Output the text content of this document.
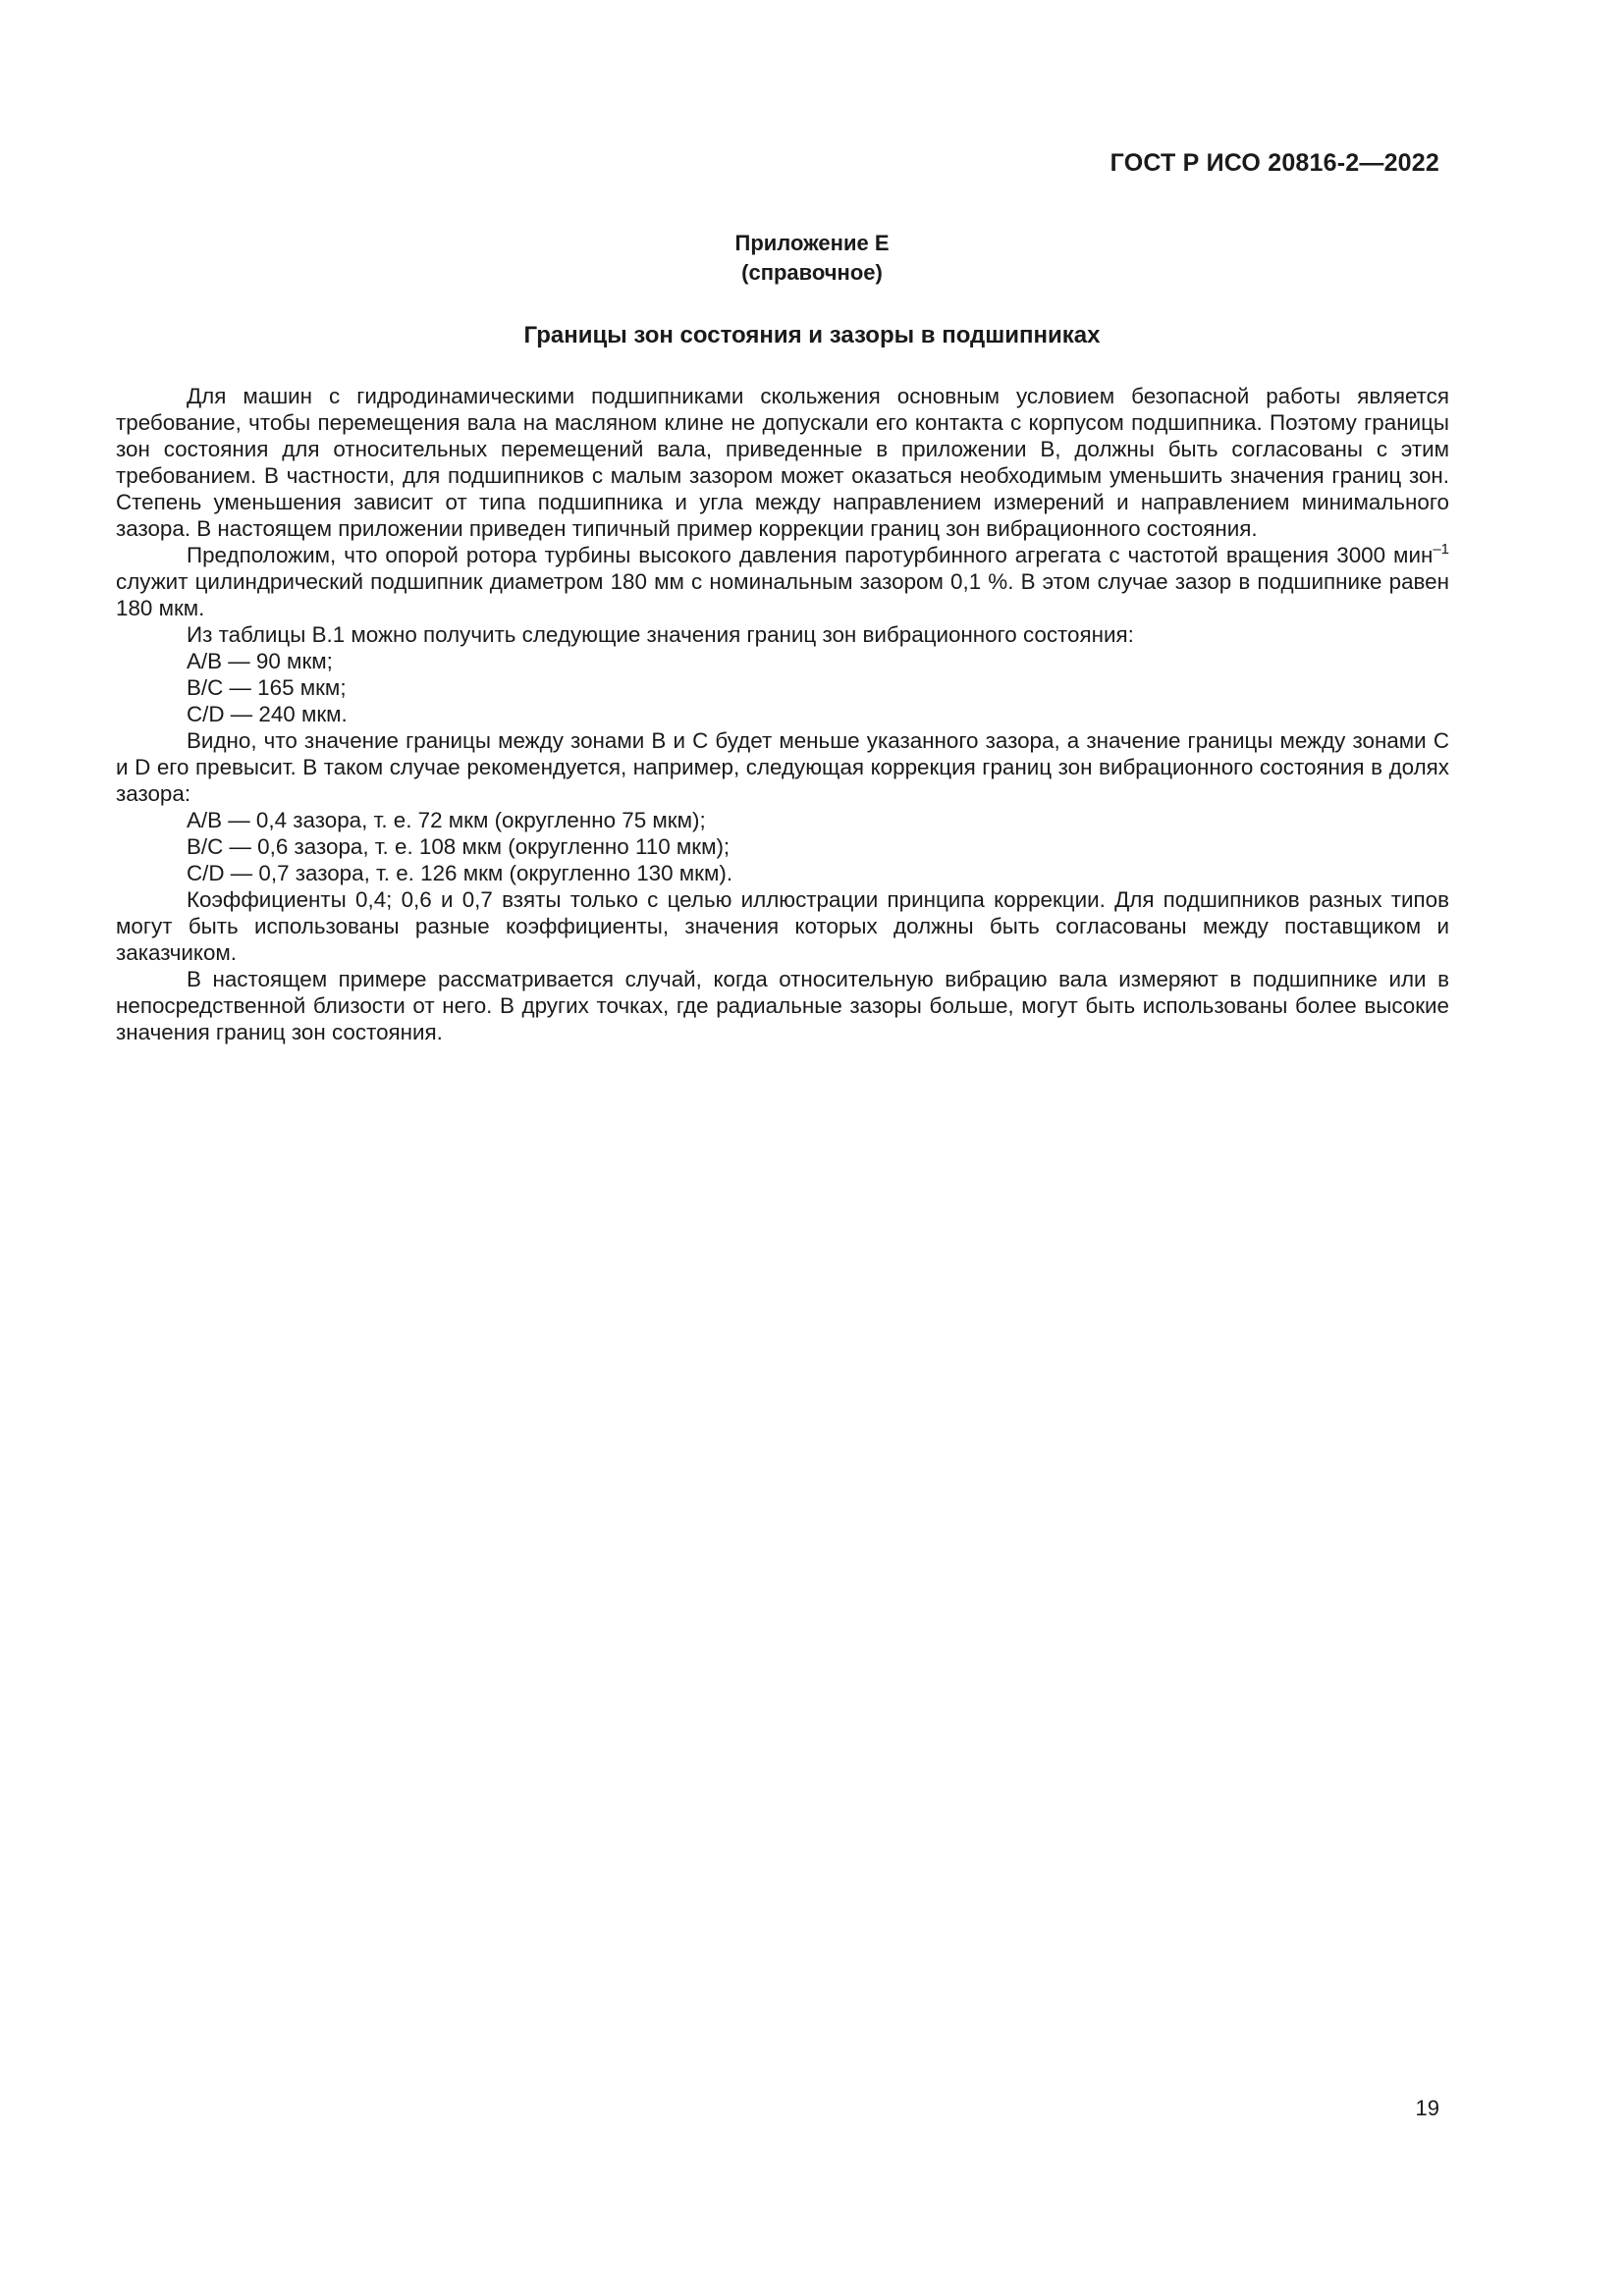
ГОСТ Р ИСО 20816-2—2022
Приложение Е
(справочное)
Границы зон состояния и зазоры в подшипниках

Для машин с гидродинамическими подшипниками скольжения основным условием безопасной работы является требование, чтобы перемещения вала на масляном клине не допускали его контакта с корпусом подшипника. Поэтому границы зон состояния для относительных перемещений вала, приведенные в приложении В, должны быть согласованы с этим требованием. В частности, для подшипников с малым зазором может оказаться необходимым уменьшить значения границ зон. Степень уменьшения зависит от типа подшипника и угла между направлением измерений и направлением минимального зазора. В настоящем приложении приведен типичный пример коррекции границ зон вибрационного состояния.

Предположим, что опорой ротора турбины высокого давления паротурбинного агрегата с частотой вращения 3000 мин$^{-1}$ служит цилиндрический подшипник диаметром 180 мм с номинальным зазором 0,1 %. В этом случае зазор в подшипнике равен 180 мкм.

Из таблицы В.1 можно получить следующие значения границ зон вибрационного состояния:

A/B — 90 мкм;

B/C — 165 мкм;

C/D — 240 мкм.

Видно, что значение границы между зонами В и С будет меньше указанного зазора, а значение границы между зонами С и D его превысит. В таком случае рекомендуется, например, следующая коррекция границ зон вибрационного состояния в долях зазора:

A/B — 0,4 зазора, т. е. 72 мкм (округленно 75 мкм);

B/C — 0,6 зазора, т. е. 108 мкм (округленно 110 мкм);

C/D — 0,7 зазора, т. е. 126 мкм (округленно 130 мкм).

Коэффициенты 0,4; 0,6 и 0,7 взяты только с целью иллюстрации принципа коррекции. Для подшипников разных типов могут быть использованы разные коэффициенты, значения которых должны быть согласованы между поставщиком и заказчиком.

В настоящем примере рассматривается случай, когда относительную вибрацию вала измеряют в подшипнике или в непосредственной близости от него. В других точках, где радиальные зазоры больше, могут быть использованы более высокие значения границ зон состояния.

19
